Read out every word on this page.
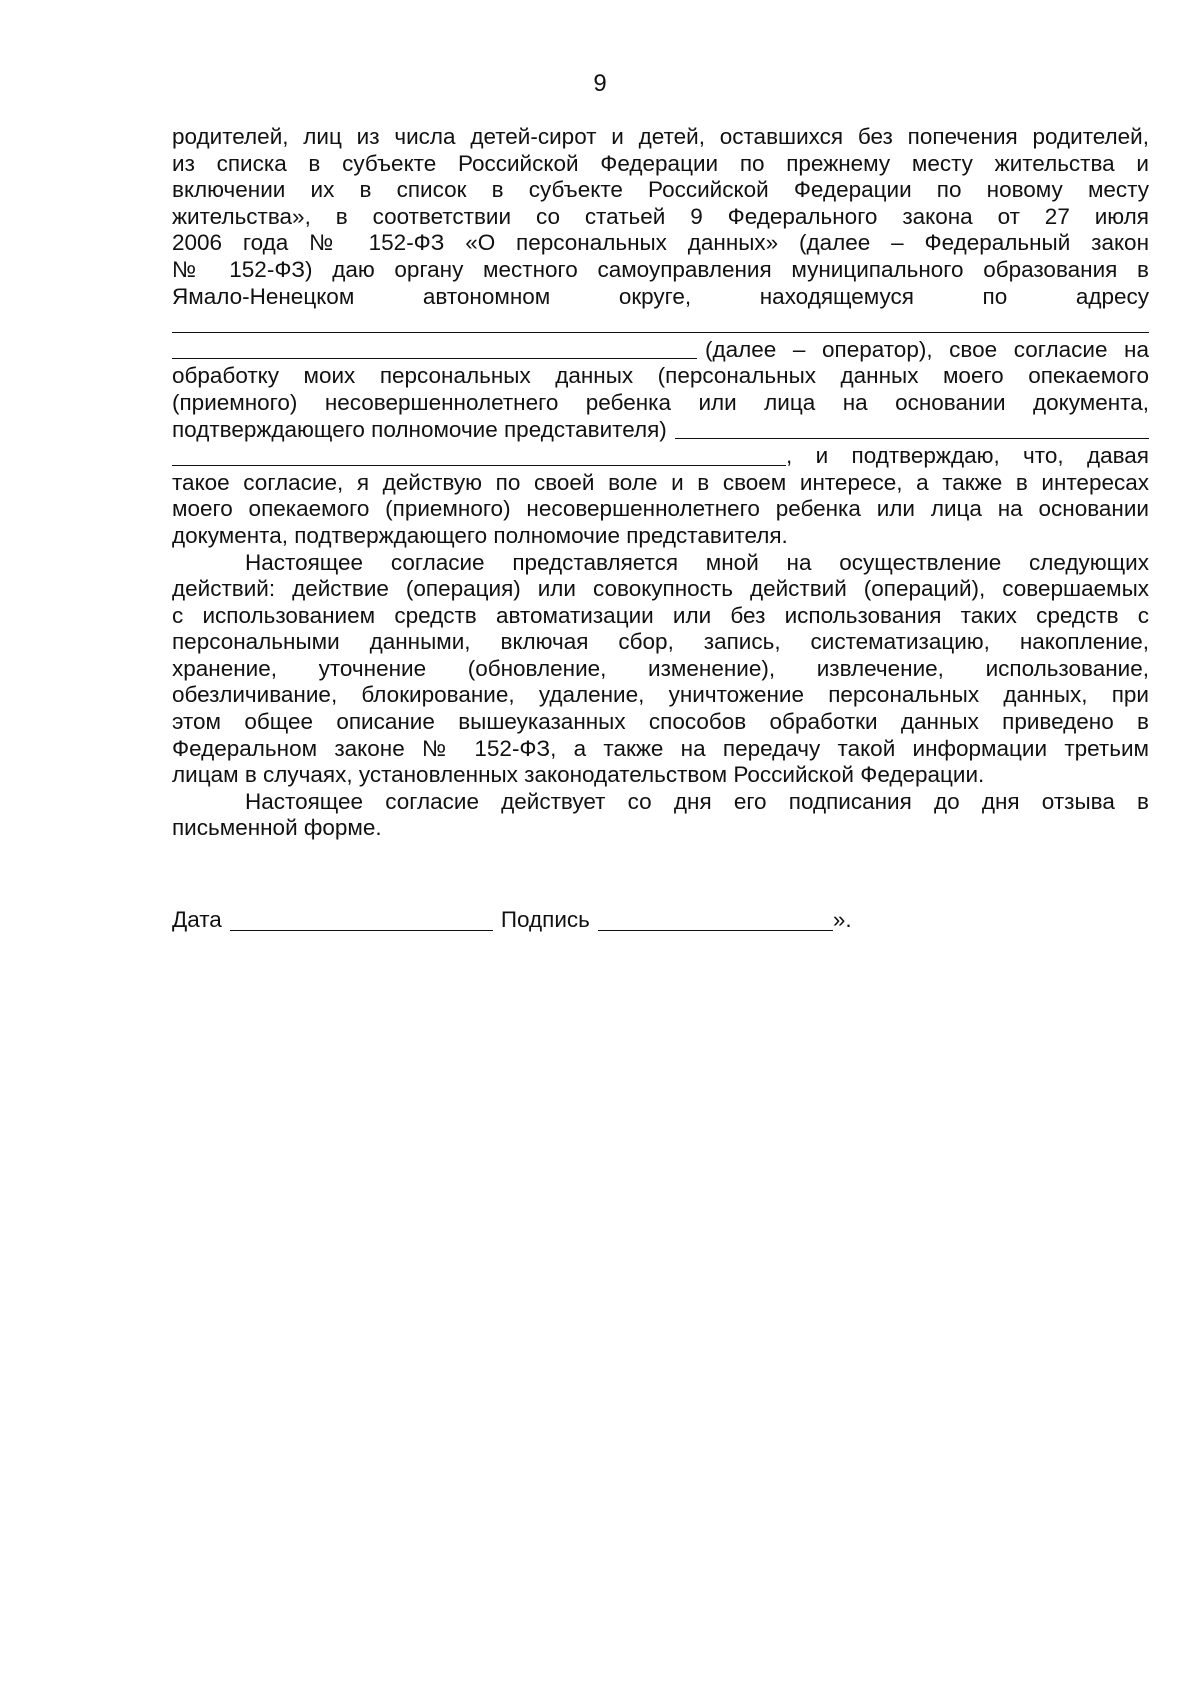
9

родителей, лиц из числа детей-сирот и детей, оставшихся без попечения родителей,
из списка в субъекте Российской Федерации по прежнему месту жительства и
включении их в список в субъекте Российской Федерации по новому месту
жительства», в соответствии со статьей 9 Федерального закона от 27 июля
2006 года № 152-ФЗ «О персональных данных» (далее – Федеральный закон
№ 152-ФЗ) даю органу местного самоуправления муниципального образования в
Ямало-Ненецком автономном округе, находящемуся по адресу
(далее – оператор), свое согласие на
обработку моих персональных данных (персональных данных моего опекаемого
(приемного) несовершеннолетнего ребенка или лица на основании документа,
подтверждающего полномочие представителя)
, и подтверждаю, что, давая
такое согласие, я действую по своей воле и в своем интересе, а также в интересах
моего опекаемого (приемного) несовершеннолетнего ребенка или лица на основании
документа, подтверждающего полномочие представителя.

Настоящее согласие представляется мной на осуществление следующих

действий: действие (операция) или совокупность действий (операций), совершаемых
с использованием средств автоматизации или без использования таких средств с
персональными данными, включая сбор, запись, систематизацию, накопление,
хранение, уточнение (обновление, изменение), извлечение, использование,
обезличивание, блокирование, удаление, уничтожение персональных данных, при
этом общее описание вышеуказанных способов обработки данных приведено в
Федеральном законе № 152-ФЗ, а также на передачу такой информации третьим
лицам в случаях, установленных законодательством Российской Федерации.

Настоящее согласие действует со дня его подписания до дня отзыва в

письменной форме.

Дата	Подпись	».
